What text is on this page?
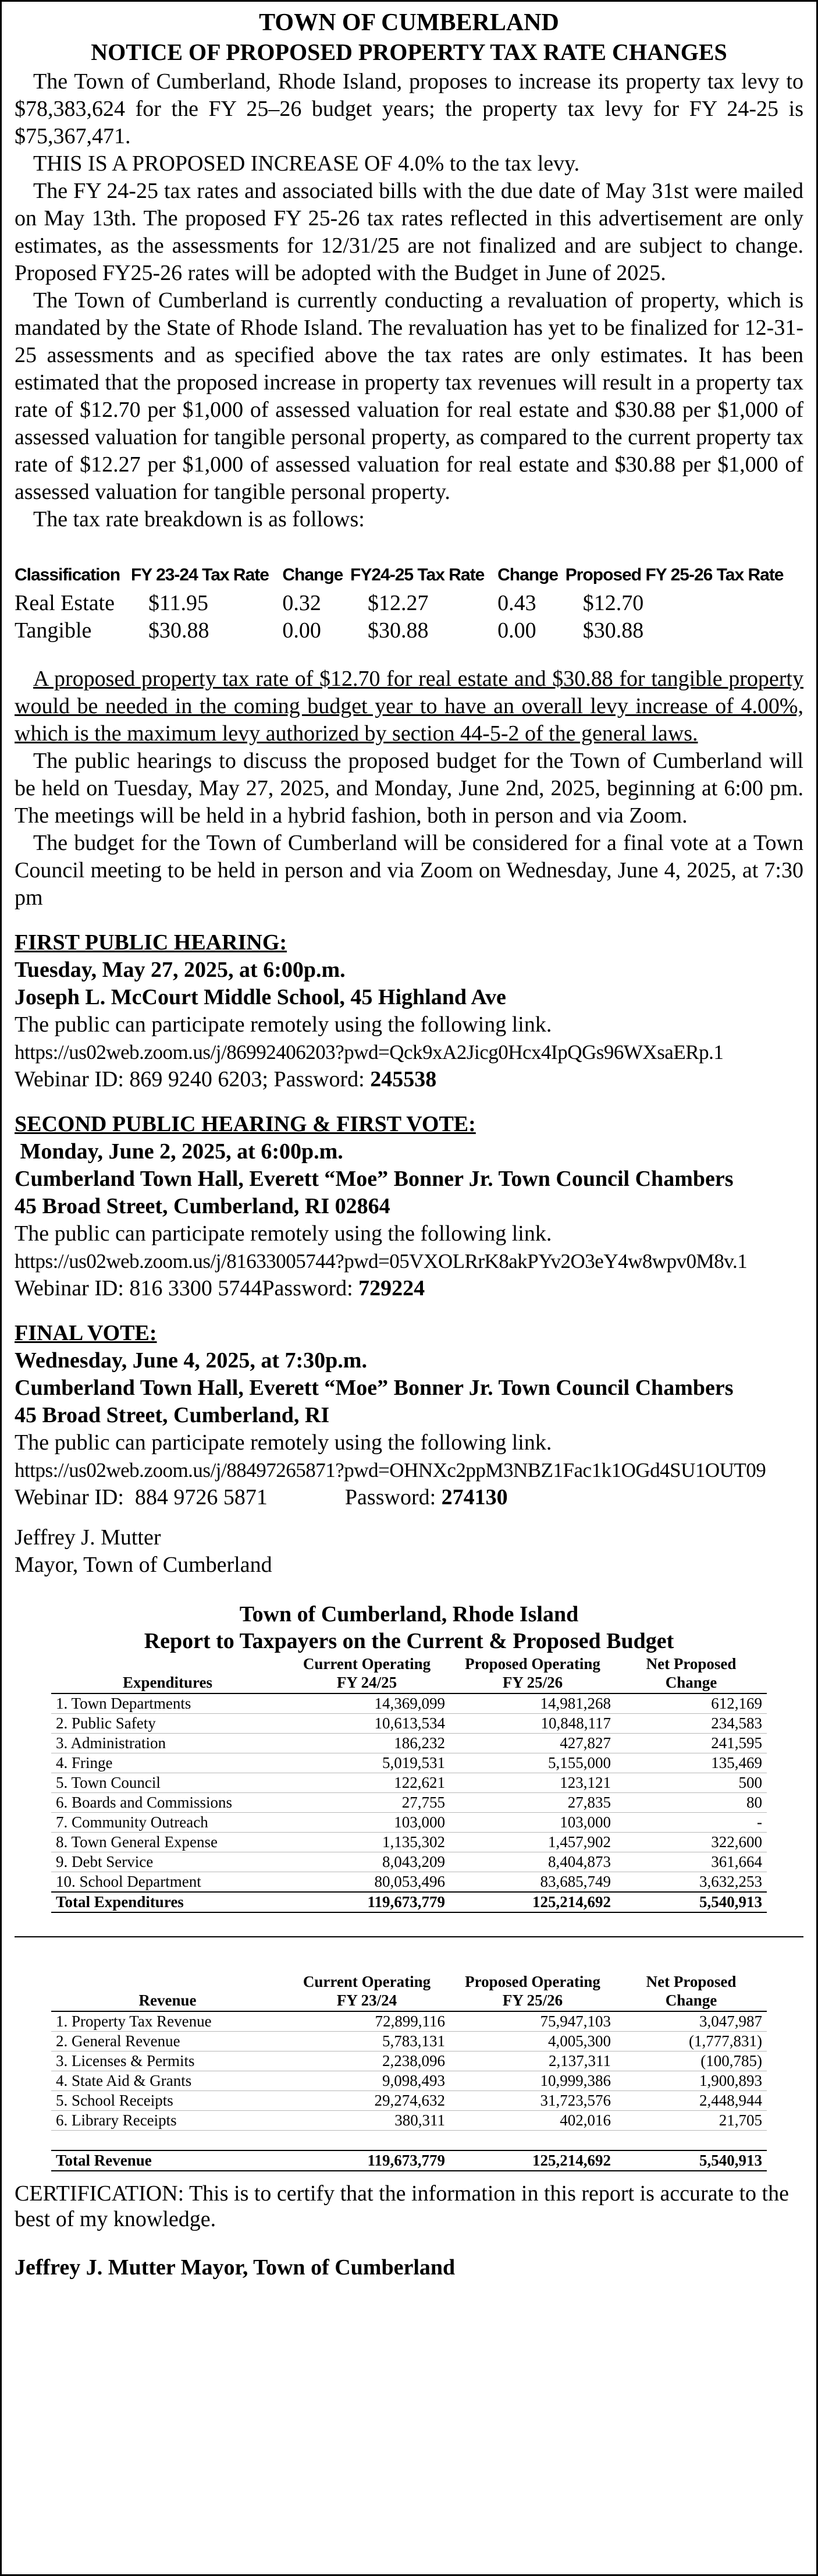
TOWN OF CUMBERLAND

NOTICE OF PROPOSED PROPERTY TAX RATE CHANGES

The Town of Cumberland, Rhode Island, proposes to increase its property tax levy to $78,383,624 for the FY 25–26 budget years; the property tax levy for FY 24-25 is $75,367,471.

THIS IS A PROPOSED INCREASE OF 4.0% to the tax levy.

The FY 24-25 tax rates and associated bills with the due date of May 31st were mailed on May 13th. The proposed FY 25-26 tax rates reflected in this advertisement are only estimates, as the assessments for 12/31/25 are not finalized and are subject to change. Proposed FY25-26 rates will be adopted with the Budget in June of 2025.

The Town of Cumberland is currently conducting a revaluation of property, which is mandated by the State of Rhode Island. The revaluation has yet to be finalized for 12-31-25 assessments and as specified above the tax rates are only estimates. It has been estimated that the proposed increase in property tax revenues will result in a property tax rate of $12.70 per $1,000 of assessed valuation for real estate and $30.88 per $1,000 of assessed valuation for tangible personal property, as compared to the current property tax rate of $12.27 per $1,000 of assessed valuation for real estate and $30.88 per $1,000 of assessed valuation for tangible personal property.

The tax rate breakdown is as follows:

Classification	FY 23-24 Tax Rate	Change	FY24-25 Tax Rate	Change	Proposed FY 25-26 Tax Rate
Real Estate	$11.95	0.32	$12.27	0.43	$12.70
Tangible	$30.88	0.00	$30.88	0.00	$30.88

A proposed property tax rate of $12.70 for real estate and $30.88 for tangible property would be needed in the coming budget year to have an overall levy increase of 4.00%, which is the maximum levy authorized by section 44-5-2 of the general laws.

The public hearings to discuss the proposed budget for the Town of Cumberland will be held on Tuesday, May 27, 2025, and Monday, June 2nd, 2025, beginning at 6:00 pm. The meetings will be held in a hybrid fashion, both in person and via Zoom.

The budget for the Town of Cumberland will be considered for a final vote at a Town Council meeting to be held in person and via Zoom on Wednesday, June 4, 2025, at 7:30 pm

FIRST PUBLIC HEARING:

Tuesday, May 27, 2025, at 6:00p.m.

Joseph L. McCourt Middle School, 45 Highland Ave

The public can participate remotely using the following link.

https://us02web.zoom.us/j/86992406203?pwd=Qck9xA2Jicg0Hcx4IpQGs96WXsaERp.1

Webinar ID: 869 9240 6203; Password: 245538

SECOND PUBLIC HEARING & FIRST VOTE:

Monday, June 2, 2025, at 6:00p.m.

Cumberland Town Hall, Everett “Moe” Bonner Jr. Town Council Chambers

45 Broad Street, Cumberland, RI 02864

The public can participate remotely using the following link.

https://us02web.zoom.us/j/81633005744?pwd=05VXOLRrK8akPYv2O3eY4w8wpv0M8v.1

Webinar ID: 816 3300 5744Password: 729224

FINAL VOTE:

Wednesday, June 4, 2025, at 7:30p.m.

Cumberland Town Hall, Everett “Moe” Bonner Jr. Town Council Chambers

45 Broad Street, Cumberland, RI

The public can participate remotely using the following link.

https://us02web.zoom.us/j/88497265871?pwd=OHNXc2ppM3NBZ1Fac1k1OGd4SU1OUT09

Webinar ID:  884 9726 5871              Password: 274130

Jeffrey J. Mutter

Mayor, Town of Cumberland

Town of Cumberland, Rhode Island
Report to Taxpayers on the Current & Proposed Budget

	Current Operating	Proposed Operating	Net Proposed
Expenditures	FY 24/25	FY 25/26	Change
1. Town Departments	14,369,099	14,981,268	612,169
2. Public Safety	10,613,534	10,848,117	234,583
3. Administration	186,232	427,827	241,595
4. Fringe	5,019,531	5,155,000	135,469
5. Town Council	122,621	123,121	500
6. Boards and Commissions	27,755	27,835	80
7. Community Outreach	103,000	103,000	-
8. Town General Expense	1,135,302	1,457,902	322,600
9. Debt Service	8,043,209	8,404,873	361,664
10. School Department	80,053,496	83,685,749	3,632,253
Total Expenditures	119,673,779	125,214,692	5,540,913
	Current Operating	Proposed Operating	Net Proposed
Revenue	FY 23/24	FY 25/26	Change
1. Property Tax Revenue	72,899,116	75,947,103	3,047,987
2. General Revenue	5,783,131	4,005,300	(1,777,831)
3. Licenses & Permits	2,238,096	2,137,311	(100,785)
4. State Aid & Grants	9,098,493	10,999,386	1,900,893
5. School Receipts	29,274,632	31,723,576	2,448,944
6. Library Receipts	380,311	402,016	21,705

Total Revenue	119,673,779	125,214,692	5,540,913

CERTIFICATION: This is to certify that the information in this report is accurate to the best of my knowledge.

Jeffrey J. Mutter Mayor, Town of Cumberland
